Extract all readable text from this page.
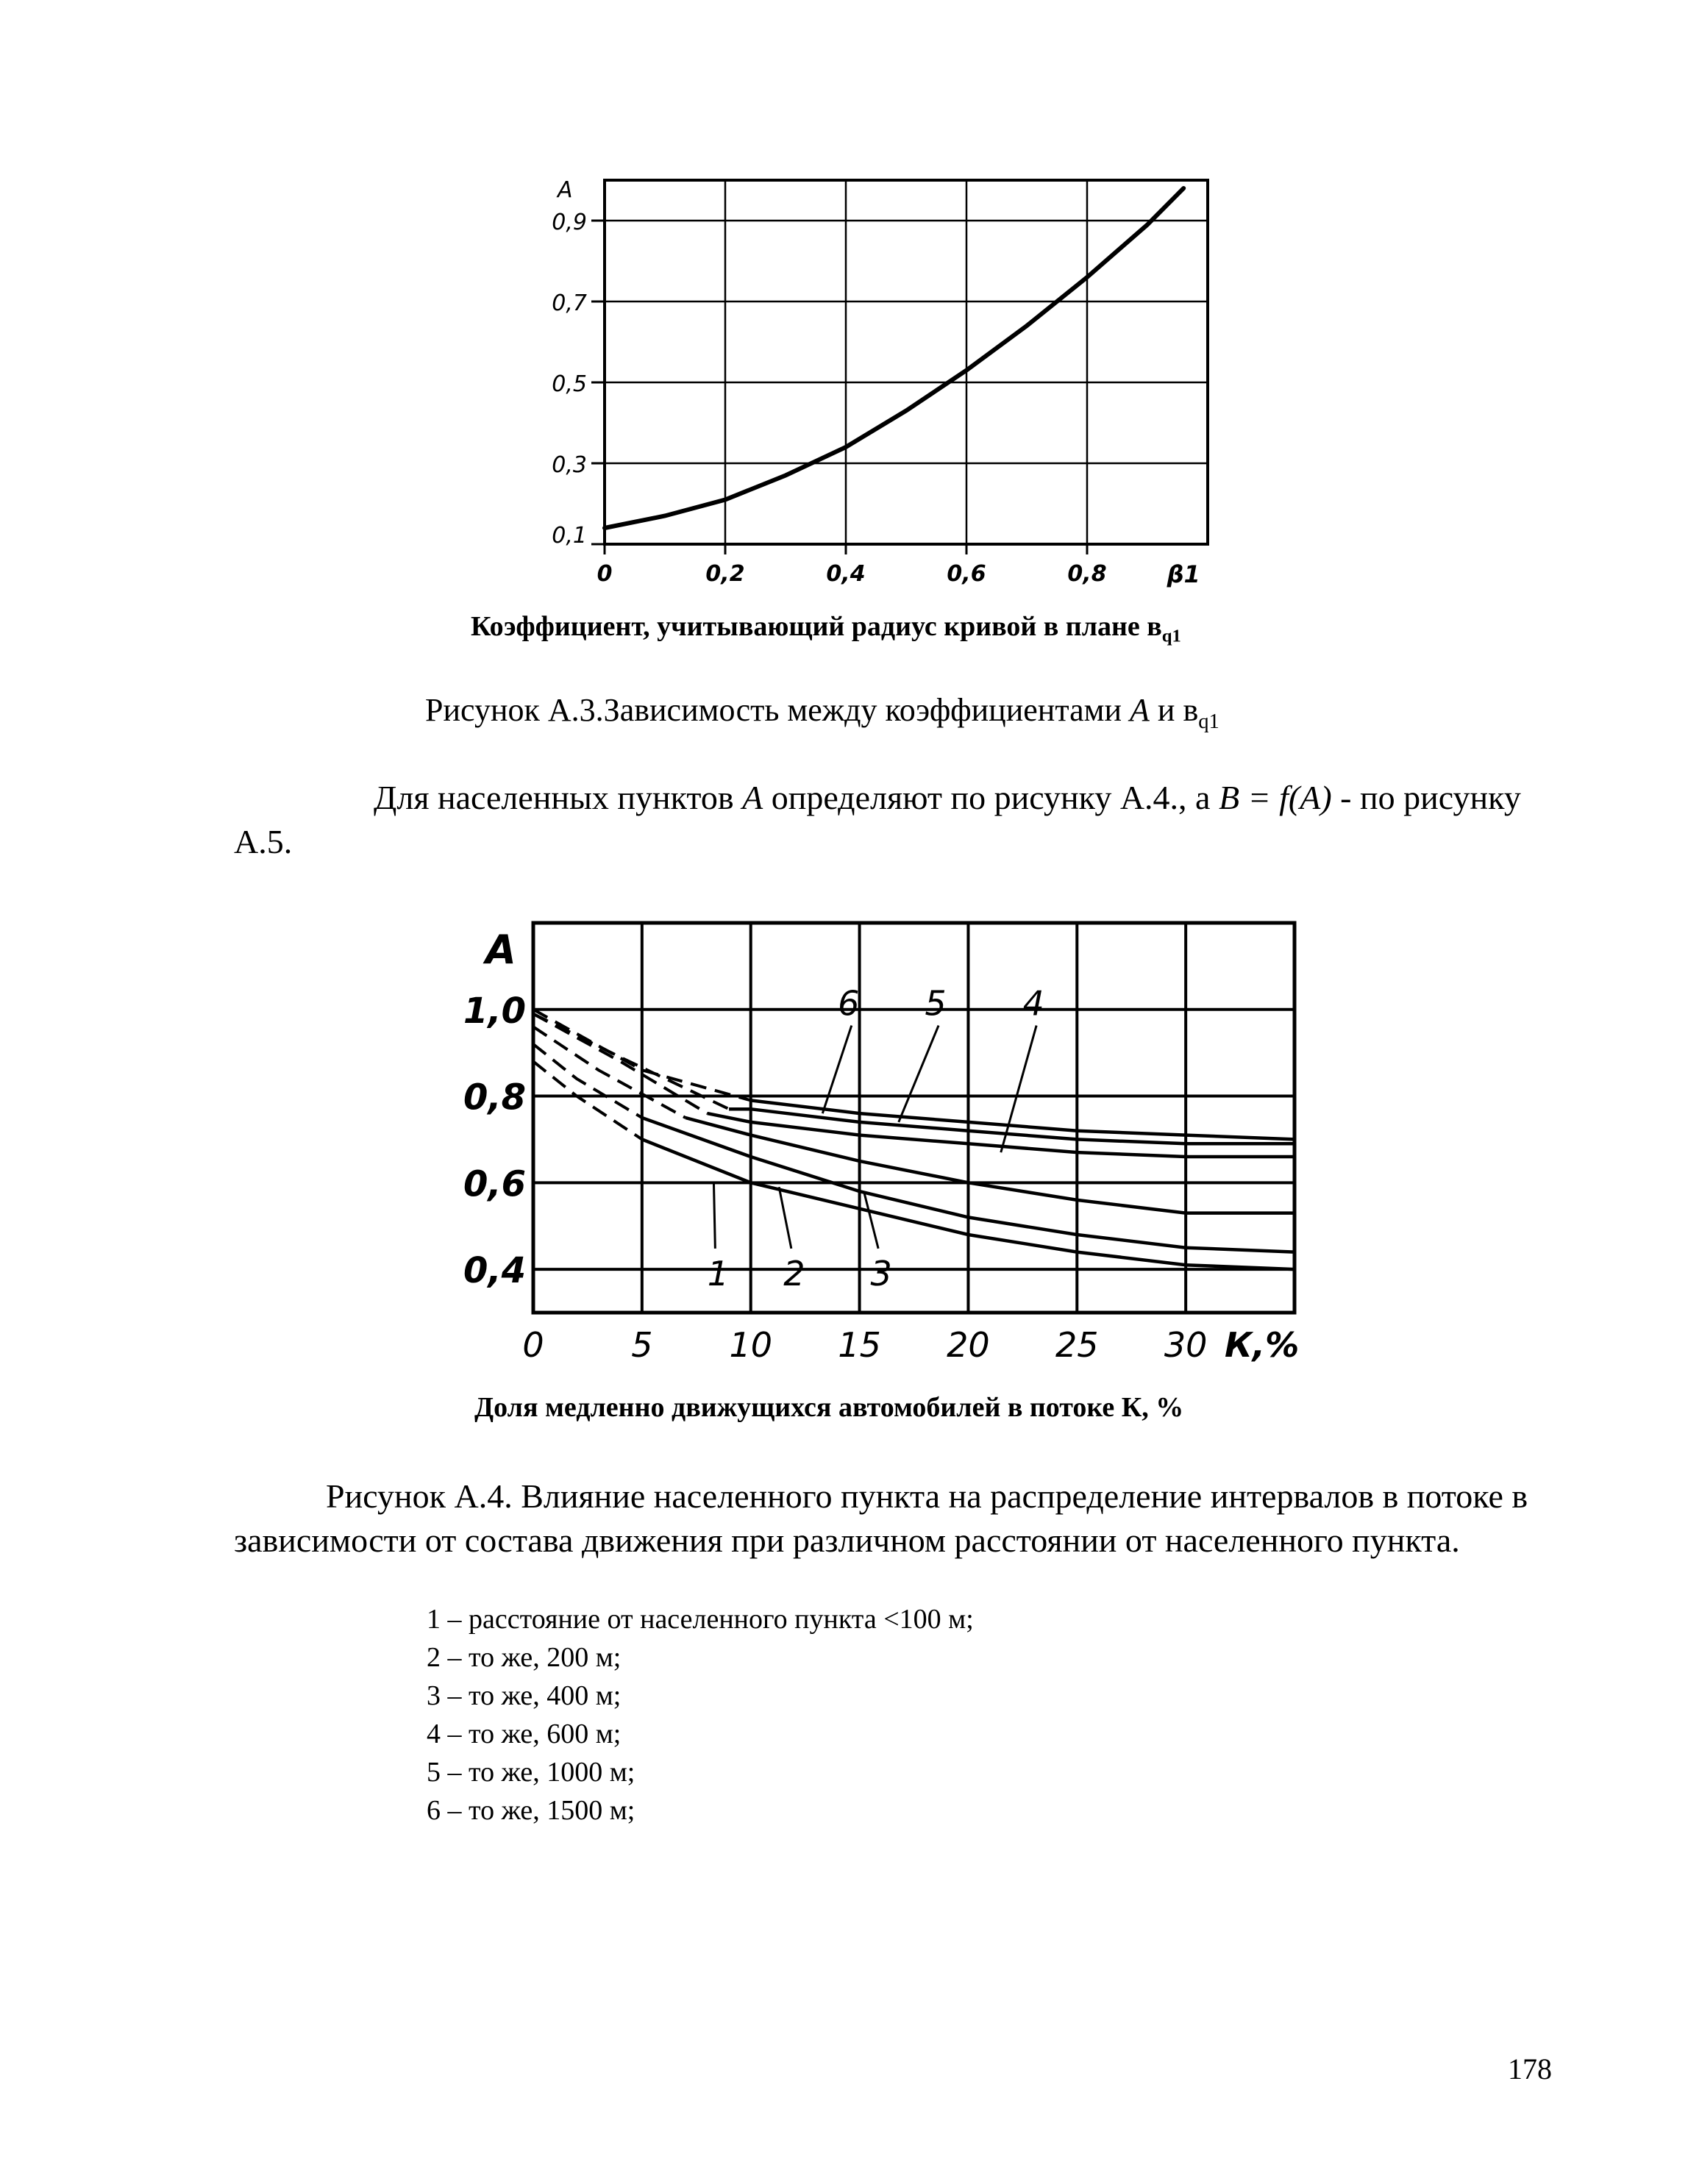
A
0,9
0,7
0,5
0,3
0,1
0	0,2	0,4	0,6	0,8	β1

Коэффициент, учитывающий радиус кривой в плане $в_{q1}$

Рисунок А.3.Зависимость между коэффициентами А и $в_{q1}$

Для населенных пунктов А определяют по рисунку А.4., а В = f(А) - по рисунку А.5.

A
1,0
0,8
0,6
0,4
0	5 10 15 20 25 30 К,%
1 2 3
4
5
6

Доля медленно движущихся автомобилей в потоке К, %

Рисунок А.4. Влияние населенного пункта на распределение интервалов в потоке в зависимости от состава движения при различном расстоянии от населенного пункта.

1 – расстояние от населенного пункта <100 м;

2 – то же, 200 м;

3 – то же, 400 м;

4 – то же, 600 м;

5 – то же, 1000 м;

6 – то же, 1500 м;

178
